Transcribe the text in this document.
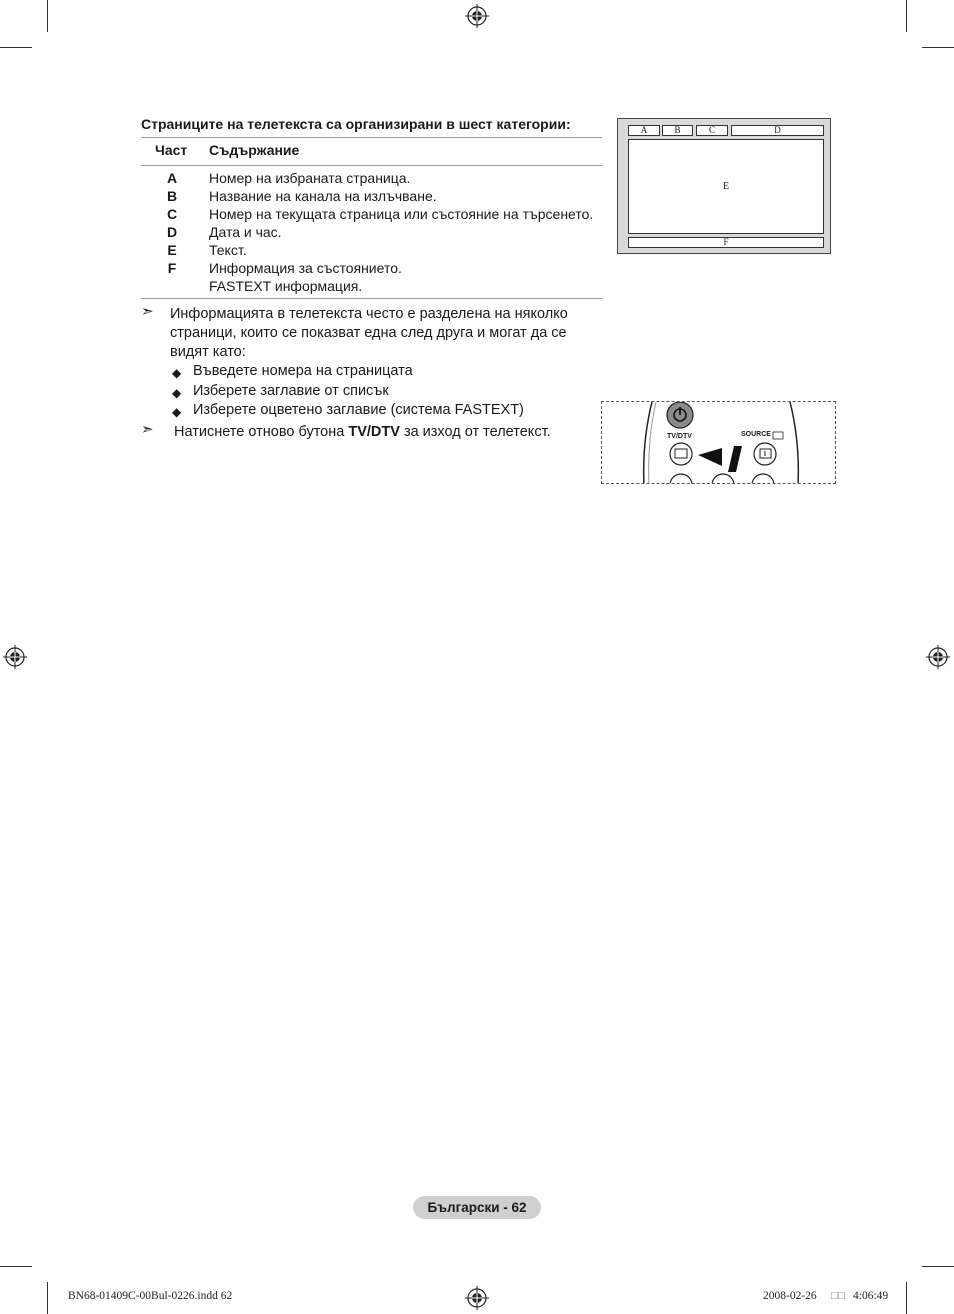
Страниците на телетекста са организирани в шест категории:
Част Съдържание
A Номер на избраната страница.
B Название на канала на излъчване.
C Номер на текущата страница или състояние на търсенето.
D Дата и час.
E Текст.
F Информация за състоянието.
FASTEXT информация.
➣ Информацията в телетекста често е разделена на няколко
страници, които се показват една след друга и могат да се
видят като:
◆ Въведете номера на страницата
◆ Изберете заглавие от списък
◆ Изберете оцветено заглавие (система FASTEXT)
➣ Натиснете отново бутона TV/DTV за изход от телетекст.
A	B	C	D
E
F
TV/DTV	SOURCE
Български - 62
BN68-01409C-00Bul-0226.indd 62	2008-02-26 □□ 4:06:49
